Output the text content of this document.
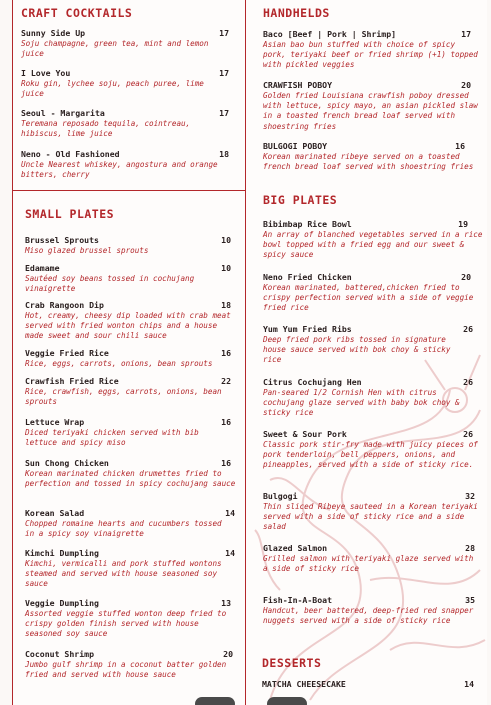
CRAFT COCKTAILS
Sunny Side Up	17
Soju champagne, green tea, mint and lemon juice
I Love You	17
Roku gin, lychee soju, peach puree, lime juice
Seoul - Margarita	17
Teremana reposado tequila, cointreau, hibiscus, lime juice
Neno - Old Fashioned	18
Uncle Nearest whiskey, angostura and orange bitters, cherry
SMALL PLATES
Brussel Sprouts	10
Miso glazed brussel sprouts
Edamame	10
Sautéed soy beans tossed in cochujang vinaigrette
Crab Rangoon Dip	18
Hot, creamy, cheesy dip loaded with crab meat served with fried wonton chips and a house made sweet and sour chili sauce
Veggie Fried Rice	16
Rice, eggs, carrots, onions, bean sprouts
Crawfish Fried Rice	22
Rice, crawfish, eggs, carrots, onions, bean sprouts
Lettuce Wrap	16
Diced teriyaki chicken served with bib lettuce and spicy miso
Sun Chong Chicken	16
Korean marinated chicken drumettes fried to perfection and tossed in spicy cochujang sauce
Korean Salad	14
Chopped romaine hearts and cucumbers tossed in a spicy soy vinaigrette
Kimchi Dumpling	14
Kimchi, vermicalli and pork stuffed wontons steamed and served with house seasoned soy sauce
Veggie Dumpling	13
Assorted veggie stuffed wonton deep fried to crispy golden finish served with house seasoned soy sauce
Coconut Shrimp	20
Jumbo gulf shrimp in a coconut batter golden fried and served with house sauce
HANDHELDS
Baco [Beef | Pork | Shrimp]	17
Asian bao bun stuffed with choice of spicy pork, teriyaki beef or fried shrimp (+1) topped with pickled veggies
CRAWFISH POBOY	20
Golden fried Louisiana crawfish poboy dressed with lettuce, spicy mayo, an asian pickled slaw in a toasted french bread loaf served with shoestring fries
BULGOGI POBOY	16
Korean marinated ribeye served on a toasted french bread loaf served with shoestring fries
BIG PLATES
Bibimbap Rice Bowl	19
An array of blanched vegetables served in a rice bowl topped with a fried egg and our sweet & spicy sauce
Neno Fried Chicken	20
Korean marinated, battered,chicken fried to crispy perfection served with a side of veggie fried rice
Yum Yum Fried Ribs	26
Deep fried pork ribs tossed in signature house sauce served with bok choy & sticky rice
Citrus Cochujang Hen	26
Pan-seared 1/2 Cornish Hen with citrus cochujang glaze served with baby bok choy & sticky rice
Sweet & Sour Pork	26
Classic pork stir-fry made with juicy pieces of pork tenderloin, bell peppers, onions, and pineapples, served with a side of sticky rice.
Bulgogi	32
Thin sliced Ribeye sauteed in a Korean teriyaki served with a side of sticky rice and a side salad
Glazed Salmon	28
Grilled salmon with teriyaki glaze served with a side of sticky rice
Fish-In-A-Boat	35
Handcut, beer battered, deep-fried red snapper nuggets served with a side of sticky rice
DESSERTS
MATCHA CHEESECAKE	14
